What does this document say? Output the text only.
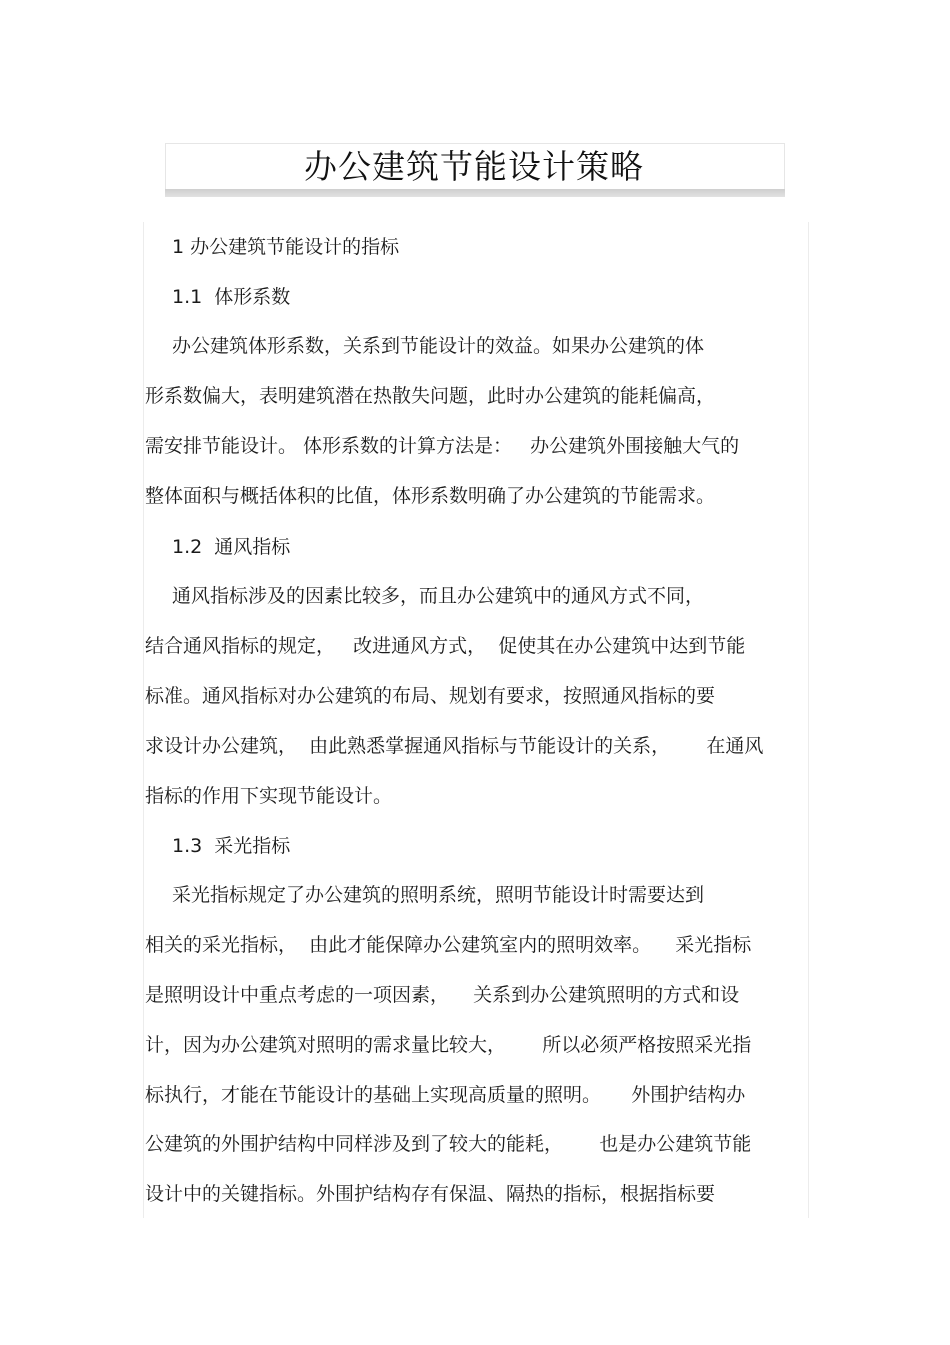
办公建筑节能设计策略
1 办公建筑节能设计的指标
1.1  体形系数
办公建筑体形系数，关系到节能设计的效益。如果办公建筑的体
形系数偏大，表明建筑潜在热散失问题，此时办公建筑的能耗偏高，
需安排节能设计。 体形系数的计算方法是：   办公建筑外围接触大气的
整体面积与概括体积的比值，体形系数明确了办公建筑的节能需求。
1.2  通风指标
通风指标涉及的因素比较多，而且办公建筑中的通风方式不同，
结合通风指标的规定，   改进通风方式，  促使其在办公建筑中达到节能
标准。通风指标对办公建筑的布局、规划有要求，按照通风指标的要
求设计办公建筑，  由此熟悉掌握通风指标与节能设计的关系，      在通风
指标的作用下实现节能设计。
1.3  采光指标
采光指标规定了办公建筑的照明系统，照明节能设计时需要达到
相关的采光指标，  由此才能保障办公建筑室内的照明效率。    采光指标
是照明设计中重点考虑的一项因素，    关系到办公建筑照明的方式和设
计，因为办公建筑对照明的需求量比较大，      所以必须严格按照采光指
标执行，才能在节能设计的基础上实现高质量的照明。     外围护结构办
公建筑的外围护结构中同样涉及到了较大的能耗，      也是办公建筑节能
设计中的关键指标。外围护结构存有保温、隔热的指标，根据指标要
